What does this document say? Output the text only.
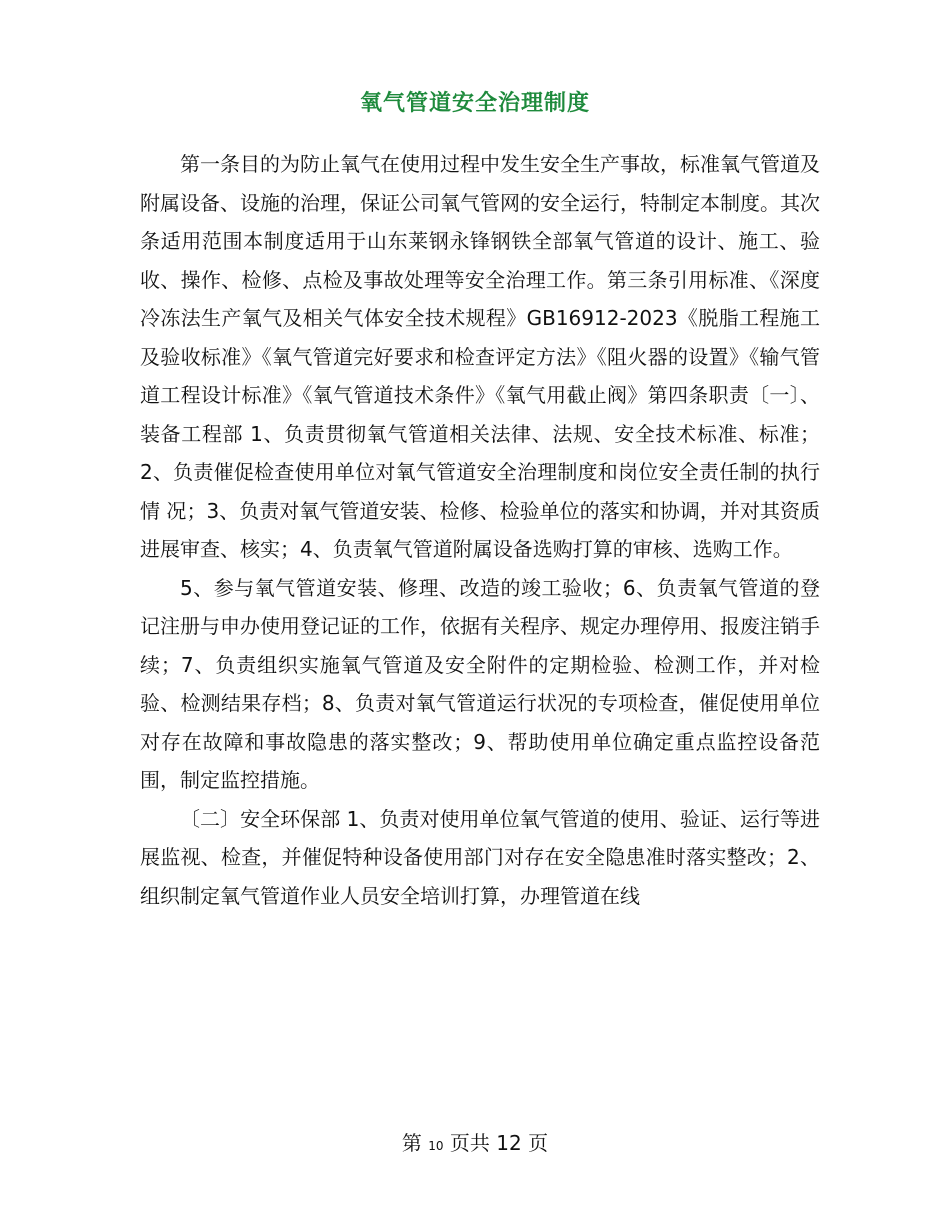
氧气管道安全治理制度

第一条目的为防止氧气在使用过程中发生安全生产事故，标准氧气管道及附属设备、设施的治理，保证公司氧气管网的安全运行，特制定本制度。其次条适用范围本制度适用于山东莱钢永锋钢铁全部氧气管道的设计、施工、验收、操作、检修、点检及事故处理等安全治理工作。第三条引用标准、《深度冷冻法生产氧气及相关气体安全技术规程》GB16912-2023《脱脂工程施工及验收标准》《氧气管道完好要求和检查评定方法》《阻火器的设置》《输气管道工程设计标准》《氧气管道技术条件》《氧气用截止阀》第四条职责〔一〕、装备工程部 1、负责贯彻氧气管道相关法律、法规、安全技术标准、标准；2、负责催促检查使用单位对氧气管道安全治理制度和岗位安全责任制的执行情 况；3、负责对氧气管道安装、检修、检验单位的落实和协调，并对其资质进展审查、核实；4、负责氧气管道附属设备选购打算的审核、选购工作。

5、参与氧气管道安装、修理、改造的竣工验收；6、负责氧气管道的登记注册与申办使用登记证的工作，依据有关程序、规定办理停用、报废注销手续；7、负责组织实施氧气管道及安全附件的定期检验、检测工作，并对检验、检测结果存档；8、负责对氧气管道运行状况的专项检查，催促使用单位对存在故障和事故隐患的落实整改；9、帮助使用单位确定重点监控设备范围，制定监控措施。

〔二〕安全环保部 1、负责对使用单位氧气管道的使用、验证、运行等进展监视、检查，并催促特种设备使用部门对存在安全隐患准时落实整改；2、组织制定氧气管道作业人员安全培训打算，办理管道在线

第 10 页共 12 页
